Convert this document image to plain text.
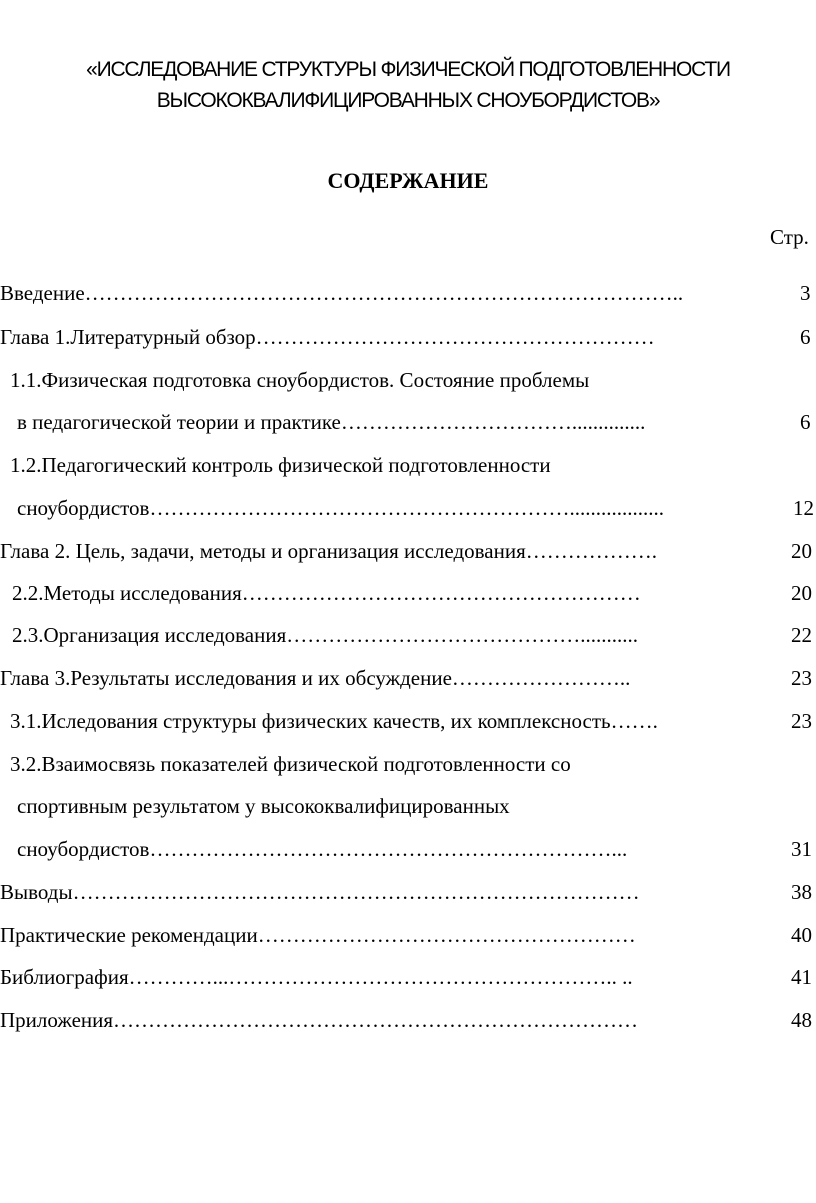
«ИССЛЕДОВАНИЕ СТРУКТУРЫ ФИЗИЧЕСКОЙ ПОДГОТОВЛЕННОСТИ
ВЫСОКОКВАЛИФИЦИРОВАННЫХ СНОУБОРДИСТОВ»
СОДЕРЖАНИЕ
Стр.
Введение…………………………………………………………………………..	3
Глава 1.Литературный обзор…………………………………………………	6
1.1.Физическая подготовка сноубордистов. Состояние проблемы
в педагогической теории и практике……………………………..............	6
1.2.Педагогический контроль физической подготовленности
сноубордистов……………………………………………………..................	12
Глава 2. Цель, задачи, методы и организация исследования……………….	20
2.2.Методы исследования…………………………………………………	20
2.3.Организация исследования……………………………………...........	22
Глава 3.Результаты исследования и их обсуждение……………………..	23
3.1.Иследования структуры физических качеств, их комплексность…….	23
3.2.Взаимосвязь показателей физической подготовленности со
спортивным результатом у высококвалифицированных
сноубордистов…………………………………………………………...	31
Выводы………………………………………………………………………	38
Практические рекомендации………………………………………………	40
Библиография…………...……………………………………………….. ..	41
Приложения…………………………………………………………………	48
